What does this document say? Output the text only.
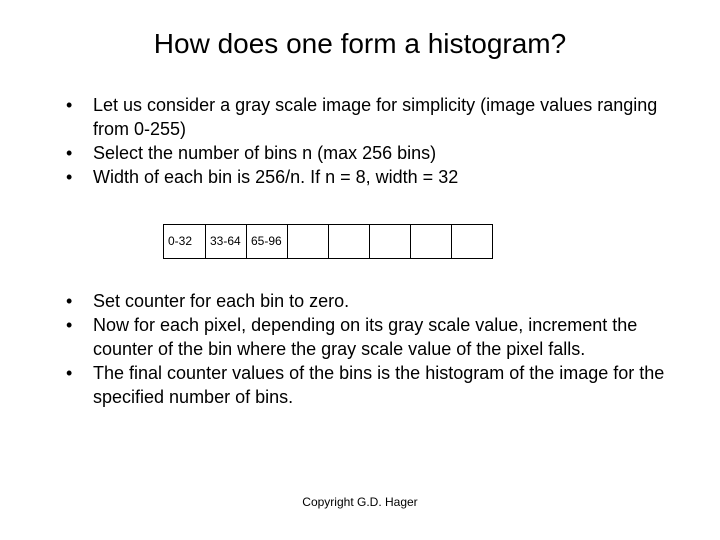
How does one form a histogram?
•	Let us consider a gray scale image for simplicity (image values ranging from 0-255)
•	Select the number of bins n (max 256 bins)
•	Width of each bin is 256/n. If n = 8, width = 32
0-32	33-64 65-96
•	Set counter for each bin to zero.
•	Now for each pixel, depending on its gray scale value, increment the counter of the bin where the gray scale value of the pixel falls.
•	The final counter values of the bins is the histogram of the image for the specified number of bins.
Copyright G.D. Hager
